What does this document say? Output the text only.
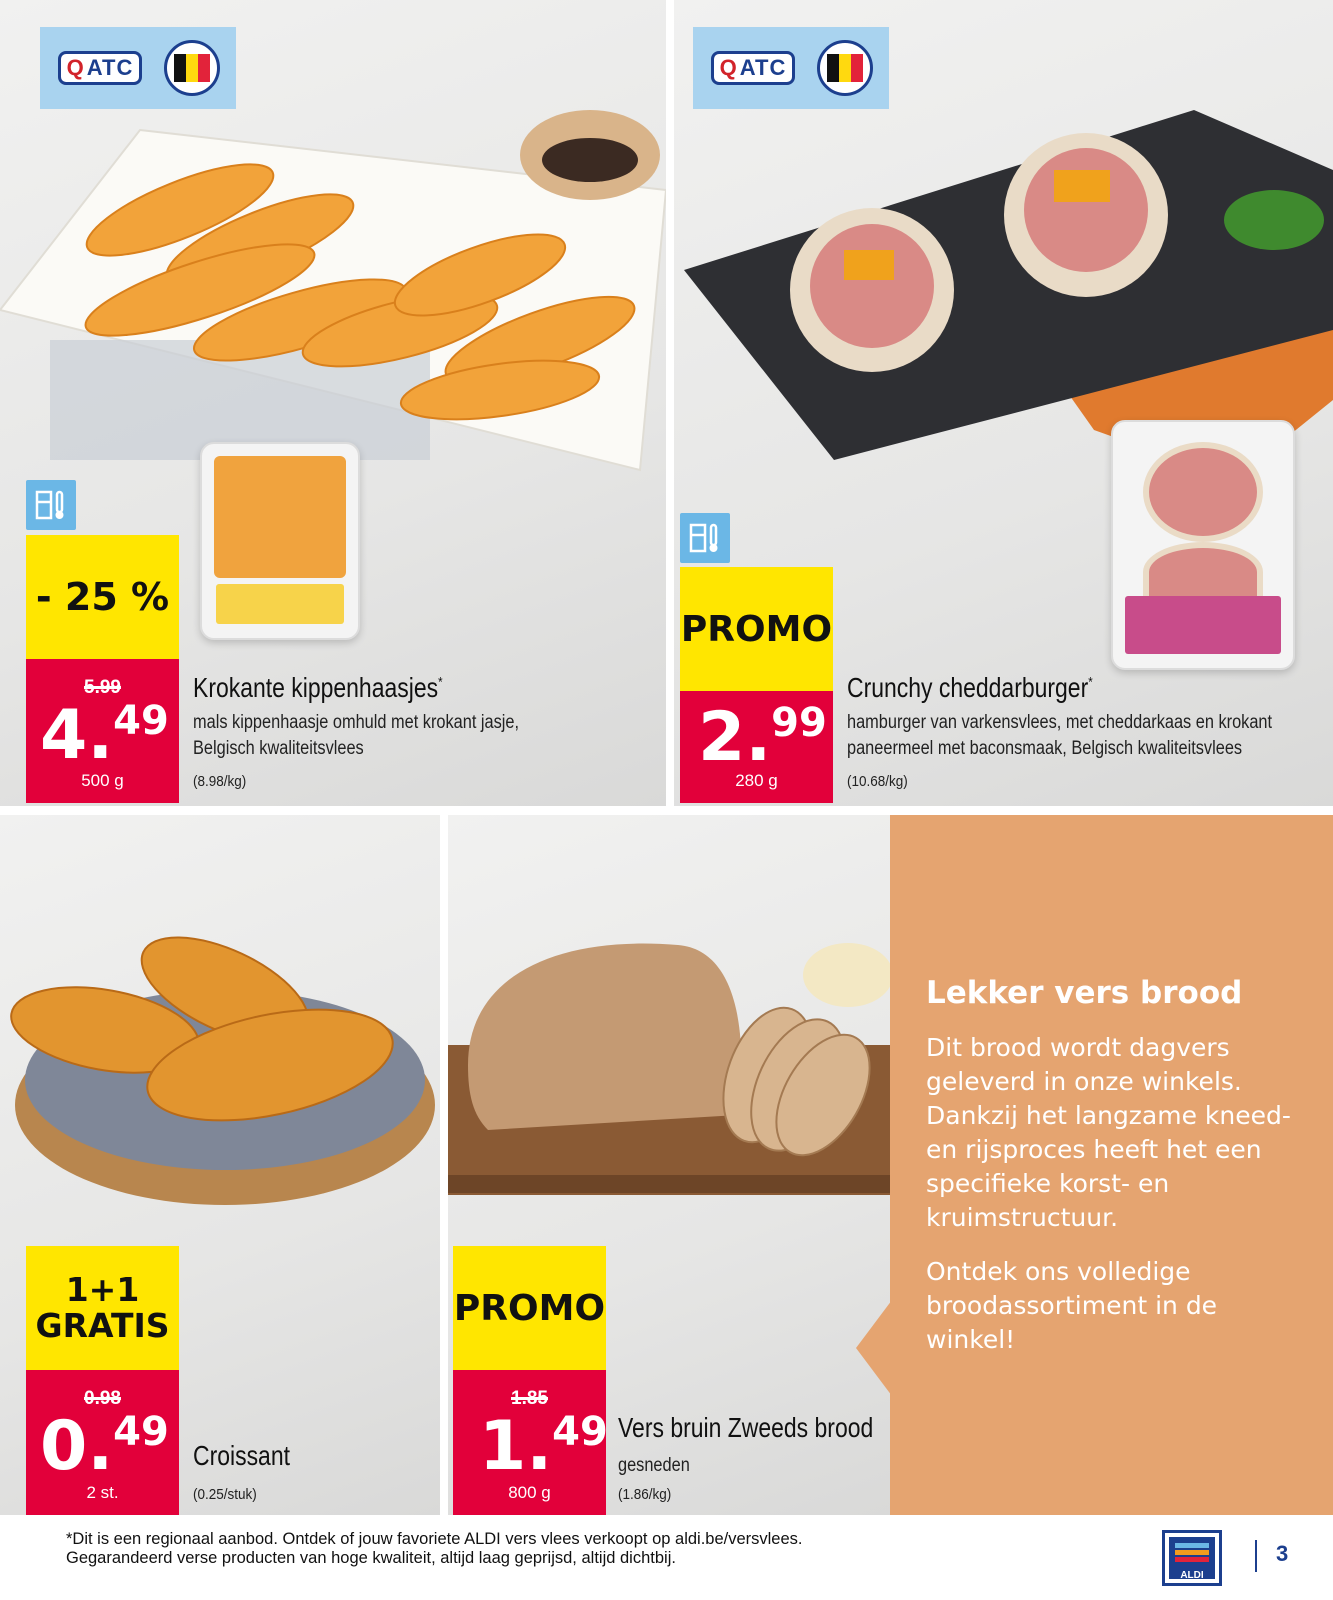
Q ATC
- 25 %
5.99
4.49
500 g
Krokante kippenhaasjes*
mals kippenhaasje omhuld met krokant jasje,
Belgisch kwaliteitsvlees
(8.98/kg)
Q ATC
PROMO
2.99
280 g
Crunchy cheddarburger*
hamburger van varkensvlees, met cheddarkaas en krokant
paneermeel met baconsmaak, Belgisch kwaliteitsvlees
(10.68/kg)
1+1
GRATIS
0.98
0.49
2 st.
Croissant
(0.25/stuk)
PROMO
1.85
1.49
800 g
Vers bruin Zweeds brood
gesneden
(1.86/kg)
Lekker vers brood

Dit brood wordt dagvers geleverd in onze winkels. Dankzij het langzame kneed- en rijsproces heeft het een specifieke korst- en kruimstructuur.

Ontdek ons volledige broodassortiment in de winkel!

*Dit is een regionaal aanbod. Ontdek of jouw favoriete ALDI vers vlees verkoopt op aldi.be/versvlees.
Gegarandeerd verse producten van hoge kwaliteit, altijd laag geprijsd, altijd dichtbij.
ALDI
3
